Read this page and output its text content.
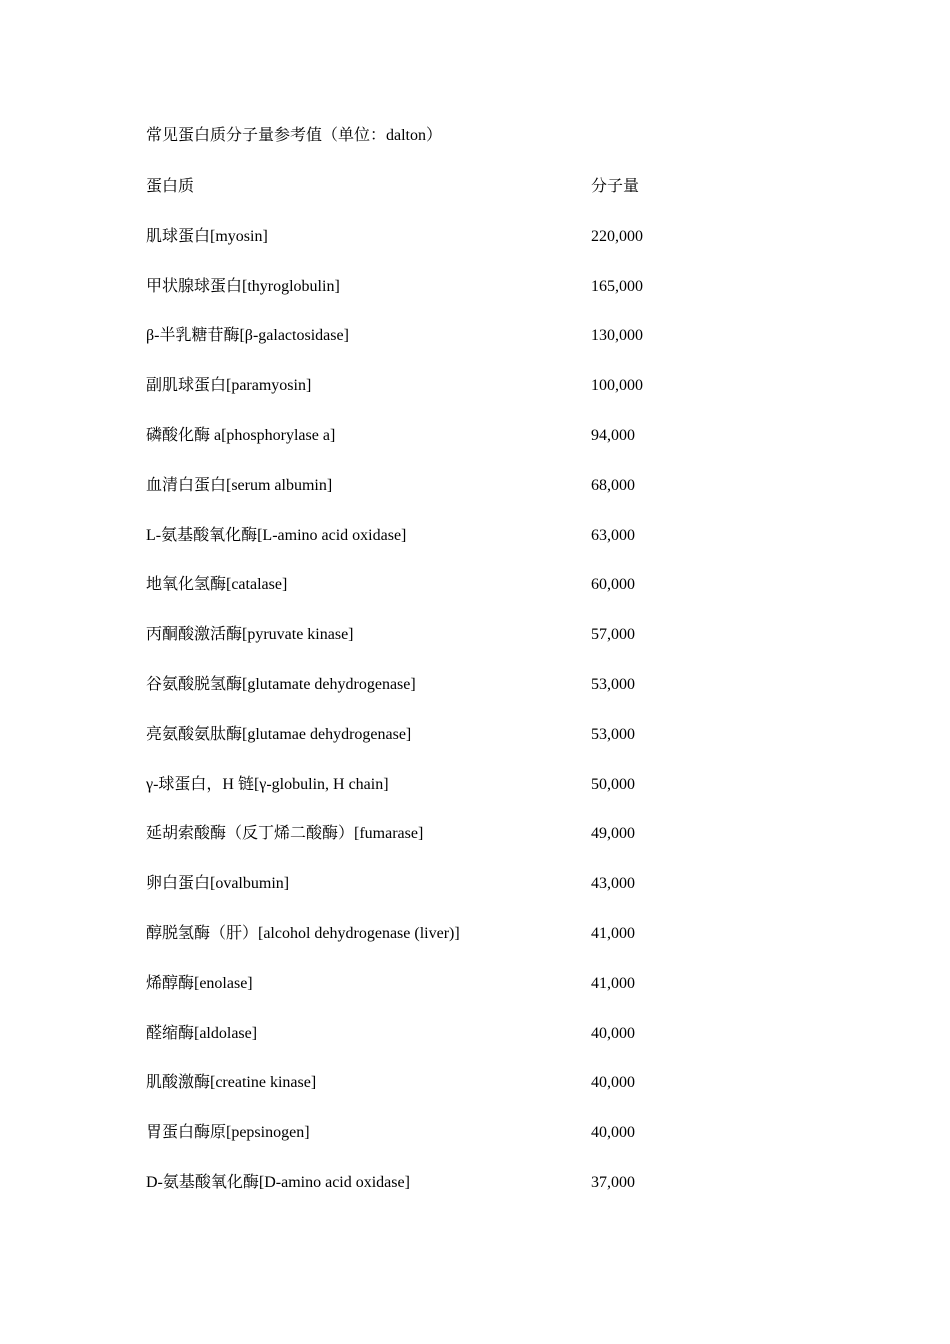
常见蛋白质分子量参考值（单位：dalton）
蛋白质	分子量
肌球蛋白[myosin]	220,000
甲状腺球蛋白[thyroglobulin]	165,000
β-半乳糖苷酶[β-galactosidase]	130,000
副肌球蛋白[paramyosin]	100,000
磷酸化酶 a[phosphorylase a]	94,000
血清白蛋白[serum albumin]	68,000
L-氨基酸氧化酶[L-amino acid oxidase]	63,000
地氧化氢酶[catalase]	60,000
丙酮酸激活酶[pyruvate kinase]	57,000
谷氨酸脱氢酶[glutamate dehydrogenase]	53,000
亮氨酸氨肽酶[glutamae dehydrogenase]	53,000
γ-球蛋白，H 链[γ-globulin, H chain]	50,000
延胡索酸酶（反丁烯二酸酶）[fumarase]	49,000
卵白蛋白[ovalbumin]	43,000
醇脱氢酶（肝）[alcohol dehydrogenase (liver)]	41,000
烯醇酶[enolase]	41,000
醛缩酶[aldolase]	40,000
肌酸激酶[creatine kinase]	40,000
胃蛋白酶原[pepsinogen]	40,000
D-氨基酸氧化酶[D-amino acid oxidase]	37,000
